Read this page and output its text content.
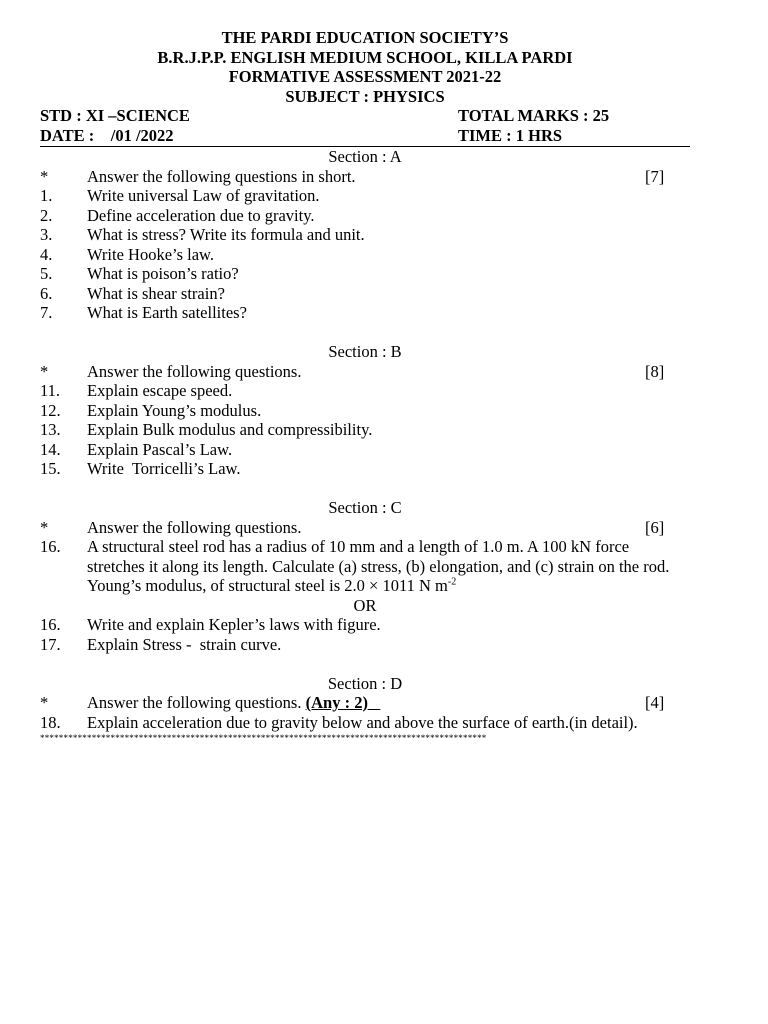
THE PARDI EDUCATION SOCIETY’S
B.R.J.P.P. ENGLISH MEDIUM SCHOOL, KILLA PARDI
FORMATIVE ASSESSMENT 2021-22
SUBJECT : PHYSICS
STD : XI –SCIENCE	TOTAL MARKS : 25
DATE :    /01 /2022	TIME : 1 HRS
Section : A
*	Answer the following questions in short.	[7]
1.	Write universal Law of gravitation.
2.	Define acceleration due to gravity.
3.	What is stress? Write its formula and unit.
4.	Write Hooke’s law.
5.	What is poison’s ratio?
6.	What is shear strain?
7.	What is Earth satellites?
Section : B
*	Answer the following questions.	[8]
11.	Explain escape speed.
12.	Explain Young’s modulus.
13.	Explain Bulk modulus and compressibility.
14.	Explain Pascal’s Law.
15.	Write  Torricelli’s Law.
Section : C
*	Answer the following questions.	[6]
16.	A structural steel rod has a radius of 10 mm and a length of 1.0 m. A 100 kN force stretches it along its length. Calculate (a) stress, (b) elongation, and (c) strain on the rod. Young’s modulus, of structural steel is 2.0 × 1011 N $m^{-2}$
OR
16.	Write and explain Kepler’s laws with figure.
17.	Explain Stress -  strain curve.
Section : D
*	Answer the following questions. (Any : 2)	[4]
18.	Explain acceleration due to gravity below and above the surface of earth.(in detail).
***********************************************************************************************
